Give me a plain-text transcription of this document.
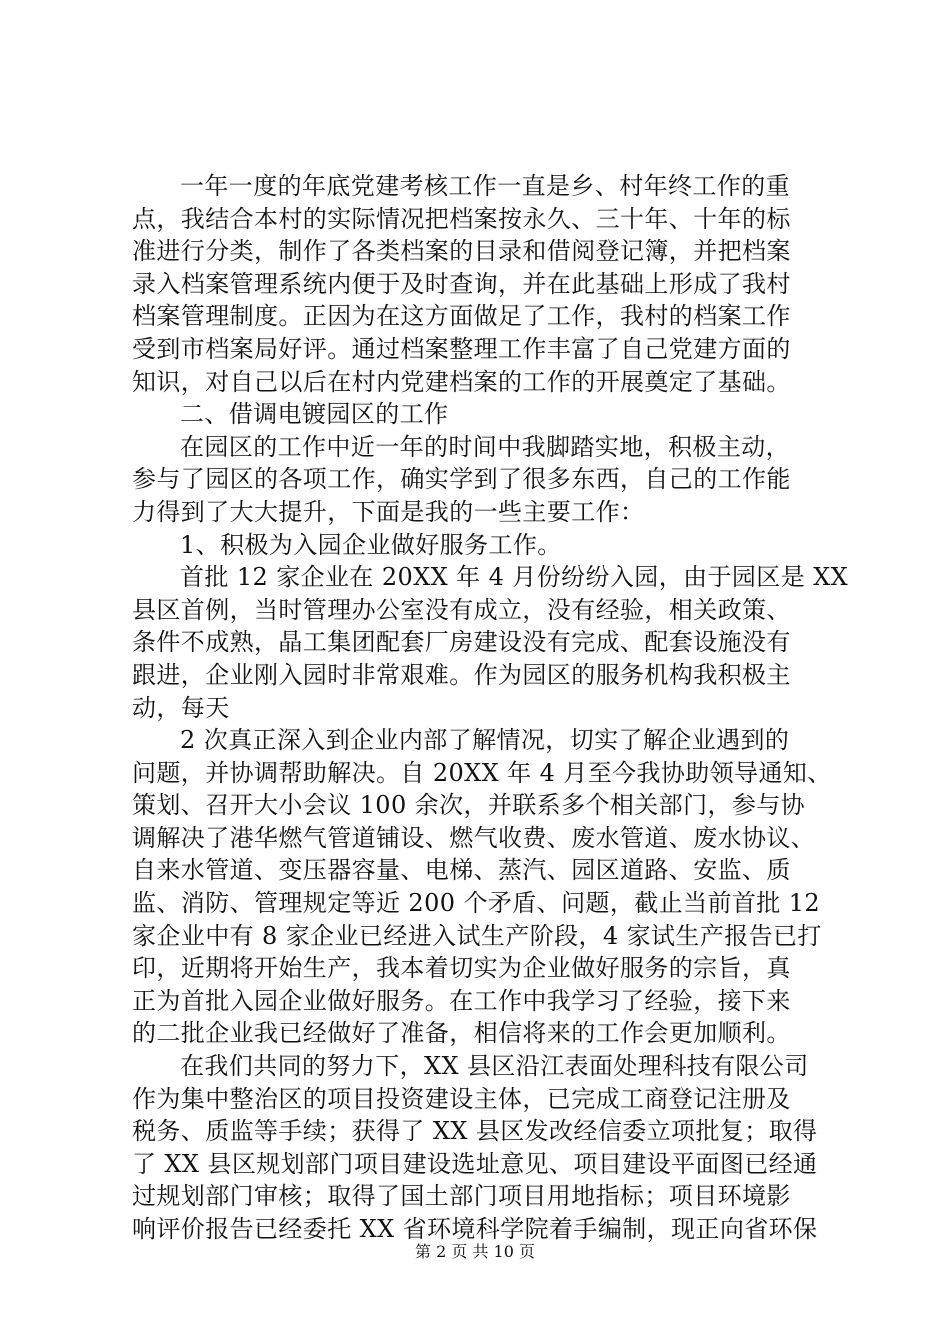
一年一度的年底党建考核工作一直是乡、村年终工作的重
点，我结合本村的实际情况把档案按永久、三十年、十年的标
准进行分类，制作了各类档案的目录和借阅登记簿，并把档案
录入档案管理系统内便于及时查询，并在此基础上形成了我村
档案管理制度。正因为在这方面做足了工作，我村的档案工作
受到市档案局好评。通过档案整理工作丰富了自己党建方面的
知识，对自己以后在村内党建档案的工作的开展奠定了基础。
二、借调电镀园区的工作
在园区的工作中近一年的时间中我脚踏实地，积极主动，
参与了园区的各项工作，确实学到了很多东西，自己的工作能
力得到了大大提升，下面是我的一些主要工作：
1、积极为入园企业做好服务工作。
首批 12 家企业在 20XX 年 4 月份纷纷入园，由于园区是 XX
县区首例，当时管理办公室没有成立，没有经验，相关政策、
条件不成熟，晶工集团配套厂房建设没有完成、配套设施没有
跟进，企业刚入园时非常艰难。作为园区的服务机构我积极主
动，每天
2 次真正深入到企业内部了解情况，切实了解企业遇到的
问题，并协调帮助解决。自 20XX 年 4 月至今我协助领导通知、
策划、召开大小会议 100 余次，并联系多个相关部门，参与协
调解决了港华燃气管道铺设、燃气收费、废水管道、废水协议、
自来水管道、变压器容量、电梯、蒸汽、园区道路、安监、质
监、消防、管理规定等近 200 个矛盾、问题，截止当前首批 12
家企业中有 8 家企业已经进入试生产阶段，4 家试生产报告已打
印，近期将开始生产，我本着切实为企业做好服务的宗旨，真
正为首批入园企业做好服务。在工作中我学习了经验，接下来
的二批企业我已经做好了准备，相信将来的工作会更加顺利。
在我们共同的努力下，XX 县区沿江表面处理科技有限公司
作为集中整治区的项目投资建设主体，已完成工商登记注册及
税务、质监等手续；获得了 XX 县区发改经信委立项批复；取得
了 XX 县区规划部门项目建设选址意见、项目建设平面图已经通
过规划部门审核；取得了国土部门项目用地指标；项目环境影
响评价报告已经委托 XX 省环境科学院着手编制，现正向省环保
第 2 页 共 10 页
